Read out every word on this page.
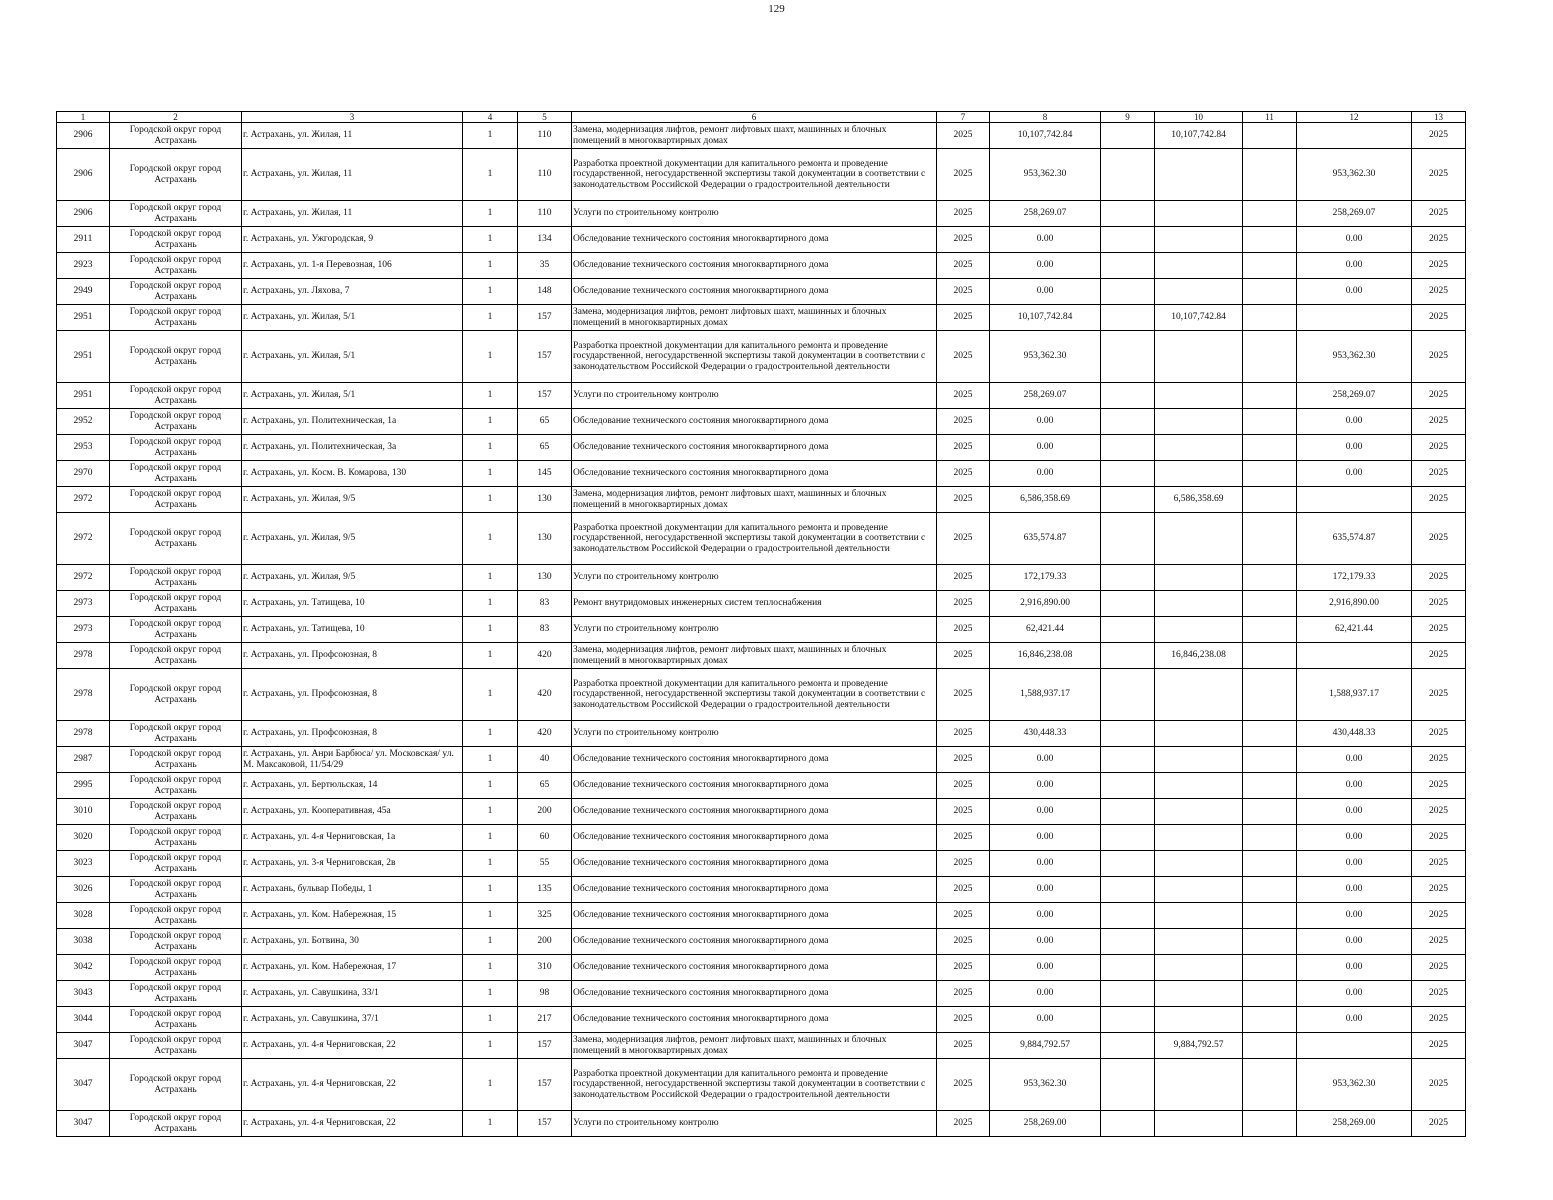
129
1	2	3	4	5	6	7	8	9	10	11	12	13
2906	Городской округ город Астрахань	г. Астрахань, ул. Жилая, 11	1	110	Замена, модернизация лифтов, ремонт лифтовых шахт, машинных и блочных помещений в многоквартирных домах	2025	10,107,742.84		10,107,742.84			2025
2906	Городской округ город Астрахань	г. Астрахань, ул. Жилая, 11	1	110	Разработка проектной документации для капитального ремонта и проведение государственной, негосударственной экспертизы такой документации в соответствии с законодательством Российской Федерации о градостроительной деятельности	2025	953,362.30				953,362.30	2025
2906	Городской округ город Астрахань	г. Астрахань, ул. Жилая, 11	1	110	Услуги по строительному контролю	2025	258,269.07				258,269.07	2025
2911	Городской округ город Астрахань	г. Астрахань, ул. Ужгородская, 9	1	134	Обследование технического состояния многоквартирного дома	2025	0.00				0.00	2025
2923	Городской округ город Астрахань	г. Астрахань, ул. 1-я Перевозная, 106	1	35	Обследование технического состояния многоквартирного дома	2025	0.00				0.00	2025
2949	Городской округ город Астрахань	г. Астрахань, ул. Ляхова, 7	1	148	Обследование технического состояния многоквартирного дома	2025	0.00				0.00	2025
2951	Городской округ город Астрахань	г. Астрахань, ул. Жилая, 5/1	1	157	Замена, модернизация лифтов, ремонт лифтовых шахт, машинных и блочных помещений в многоквартирных домах	2025	10,107,742.84		10,107,742.84			2025
2951	Городской округ город Астрахань	г. Астрахань, ул. Жилая, 5/1	1	157	Разработка проектной документации для капитального ремонта и проведение государственной, негосударственной экспертизы такой документации в соответствии с законодательством Российской Федерации о градостроительной деятельности	2025	953,362.30				953,362.30	2025
2951	Городской округ город Астрахань	г. Астрахань, ул. Жилая, 5/1	1	157	Услуги по строительному контролю	2025	258,269.07				258,269.07	2025
2952	Городской округ город Астрахань	г. Астрахань, ул. Политехническая, 1а	1	65	Обследование технического состояния многоквартирного дома	2025	0.00				0.00	2025
2953	Городской округ город Астрахань	г. Астрахань, ул. Политехническая, 3а	1	65	Обследование технического состояния многоквартирного дома	2025	0.00				0.00	2025
2970	Городской округ город Астрахань	г. Астрахань, ул. Косм. В. Комарова, 130	1	145	Обследование технического состояния многоквартирного дома	2025	0.00				0.00	2025
2972	Городской округ город Астрахань	г. Астрахань, ул. Жилая, 9/5	1	130	Замена, модернизация лифтов, ремонт лифтовых шахт, машинных и блочных помещений в многоквартирных домах	2025	6,586,358.69		6,586,358.69			2025
2972	Городской округ город Астрахань	г. Астрахань, ул. Жилая, 9/5	1	130	Разработка проектной документации для капитального ремонта и проведение государственной, негосударственной экспертизы такой документации в соответствии с законодательством Российской Федерации о градостроительной деятельности	2025	635,574.87				635,574.87	2025
2972	Городской округ город Астрахань	г. Астрахань, ул. Жилая, 9/5	1	130	Услуги по строительному контролю	2025	172,179.33				172,179.33	2025
2973	Городской округ город Астрахань	г. Астрахань, ул. Татищева, 10	1	83	Ремонт внутридомовых инженерных систем теплоснабжения	2025	2,916,890.00				2,916,890.00	2025
2973	Городской округ город Астрахань	г. Астрахань, ул. Татищева, 10	1	83	Услуги по строительному контролю	2025	62,421.44				62,421.44	2025
2978	Городской округ город Астрахань	г. Астрахань, ул. Профсоюзная, 8	1	420	Замена, модернизация лифтов, ремонт лифтовых шахт, машинных и блочных помещений в многоквартирных домах	2025	16,846,238.08		16,846,238.08			2025
2978	Городской округ город Астрахань	г. Астрахань, ул. Профсоюзная, 8	1	420	Разработка проектной документации для капитального ремонта и проведение государственной, негосударственной экспертизы такой документации в соответствии с законодательством Российской Федерации о градостроительной деятельности	2025	1,588,937.17				1,588,937.17	2025
2978	Городской округ город Астрахань	г. Астрахань, ул. Профсоюзная, 8	1	420	Услуги по строительному контролю	2025	430,448.33				430,448.33	2025
2987	Городской округ город Астрахань	г. Астрахань, ул. Анри Барбюса/ ул. Московская/ ул. М. Максаковой, 11/54/29	1	40	Обследование технического состояния многоквартирного дома	2025	0.00				0.00	2025
2995	Городской округ город Астрахань	г. Астрахань, ул. Бертюльская, 14	1	65	Обследование технического состояния многоквартирного дома	2025	0.00				0.00	2025
3010	Городской округ город Астрахань	г. Астрахань, ул. Кооперативная, 45а	1	200	Обследование технического состояния многоквартирного дома	2025	0.00				0.00	2025
3020	Городской округ город Астрахань	г. Астрахань, ул. 4-я Черниговская, 1а	1	60	Обследование технического состояния многоквартирного дома	2025	0.00				0.00	2025
3023	Городской округ город Астрахань	г. Астрахань, ул. 3-я Черниговская, 2в	1	55	Обследование технического состояния многоквартирного дома	2025	0.00				0.00	2025
3026	Городской округ город Астрахань	г. Астрахань, бульвар Победы, 1	1	135	Обследование технического состояния многоквартирного дома	2025	0.00				0.00	2025
3028	Городской округ город Астрахань	г. Астрахань, ул. Ком. Набережная, 15	1	325	Обследование технического состояния многоквартирного дома	2025	0.00				0.00	2025
3038	Городской округ город Астрахань	г. Астрахань, ул. Ботвина, 30	1	200	Обследование технического состояния многоквартирного дома	2025	0.00				0.00	2025
3042	Городской округ город Астрахань	г. Астрахань, ул. Ком. Набережная, 17	1	310	Обследование технического состояния многоквартирного дома	2025	0.00				0.00	2025
3043	Городской округ город Астрахань	г. Астрахань, ул. Савушкина, 33/1	1	98	Обследование технического состояния многоквартирного дома	2025	0.00				0.00	2025
3044	Городской округ город Астрахань	г. Астрахань, ул. Савушкина, 37/1	1	217	Обследование технического состояния многоквартирного дома	2025	0.00				0.00	2025
3047	Городской округ город Астрахань	г. Астрахань, ул. 4-я Черниговская, 22	1	157	Замена, модернизация лифтов, ремонт лифтовых шахт, машинных и блочных помещений в многоквартирных домах	2025	9,884,792.57		9,884,792.57			2025
3047	Городской округ город Астрахань	г. Астрахань, ул. 4-я Черниговская, 22	1	157	Разработка проектной документации для капитального ремонта и проведение государственной, негосударственной экспертизы такой документации в соответствии с законодательством Российской Федерации о градостроительной деятельности	2025	953,362.30				953,362.30	2025
3047	Городской округ город Астрахань	г. Астрахань, ул. 4-я Черниговская, 22	1	157	Услуги по строительному контролю	2025	258,269.00				258,269.00	2025
